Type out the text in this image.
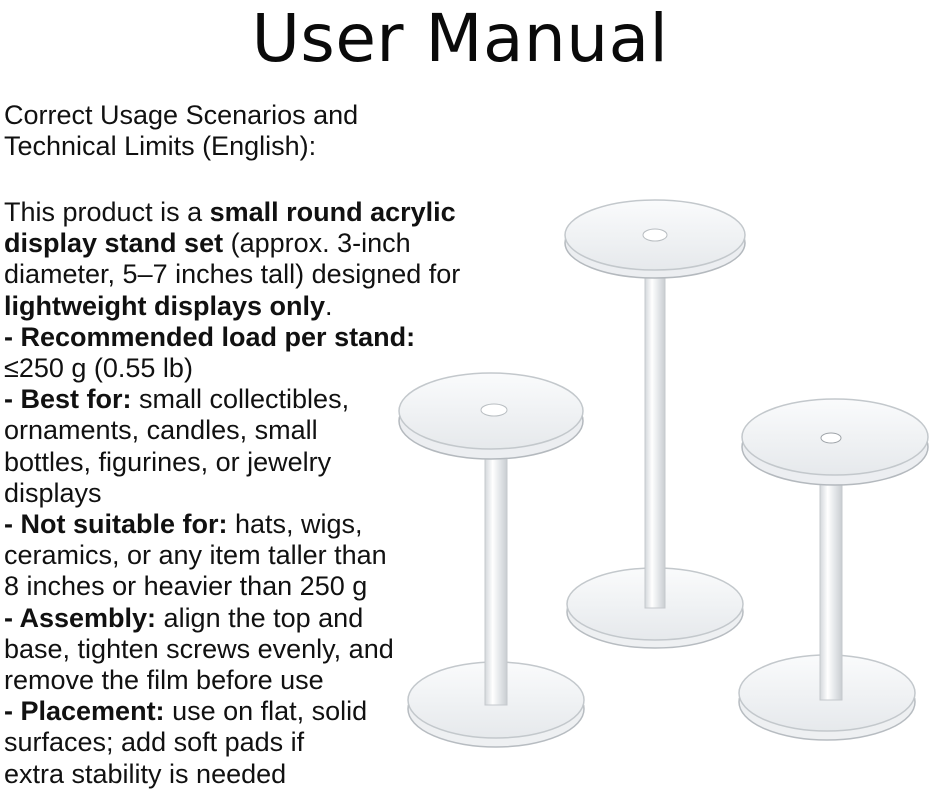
User Manual
Correct Usage Scenarios and
Technical Limits (English):
This product is a small round acrylic
display stand set (approx. 3-inch
diameter, 5–7 inches tall) designed for
lightweight displays only.
- Recommended load per stand:
≤250 g (0.55 lb)
- Best for: small collectibles,
ornaments, candles, small
bottles, figurines, or jewelry
displays
- Not suitable for: hats, wigs,
ceramics, or any item taller than
8 inches or heavier than 250 g
- Assembly: align the top and
base, tighten screws evenly, and
remove the film before use
- Placement: use on flat, solid
surfaces; add soft pads if
extra stability is needed
